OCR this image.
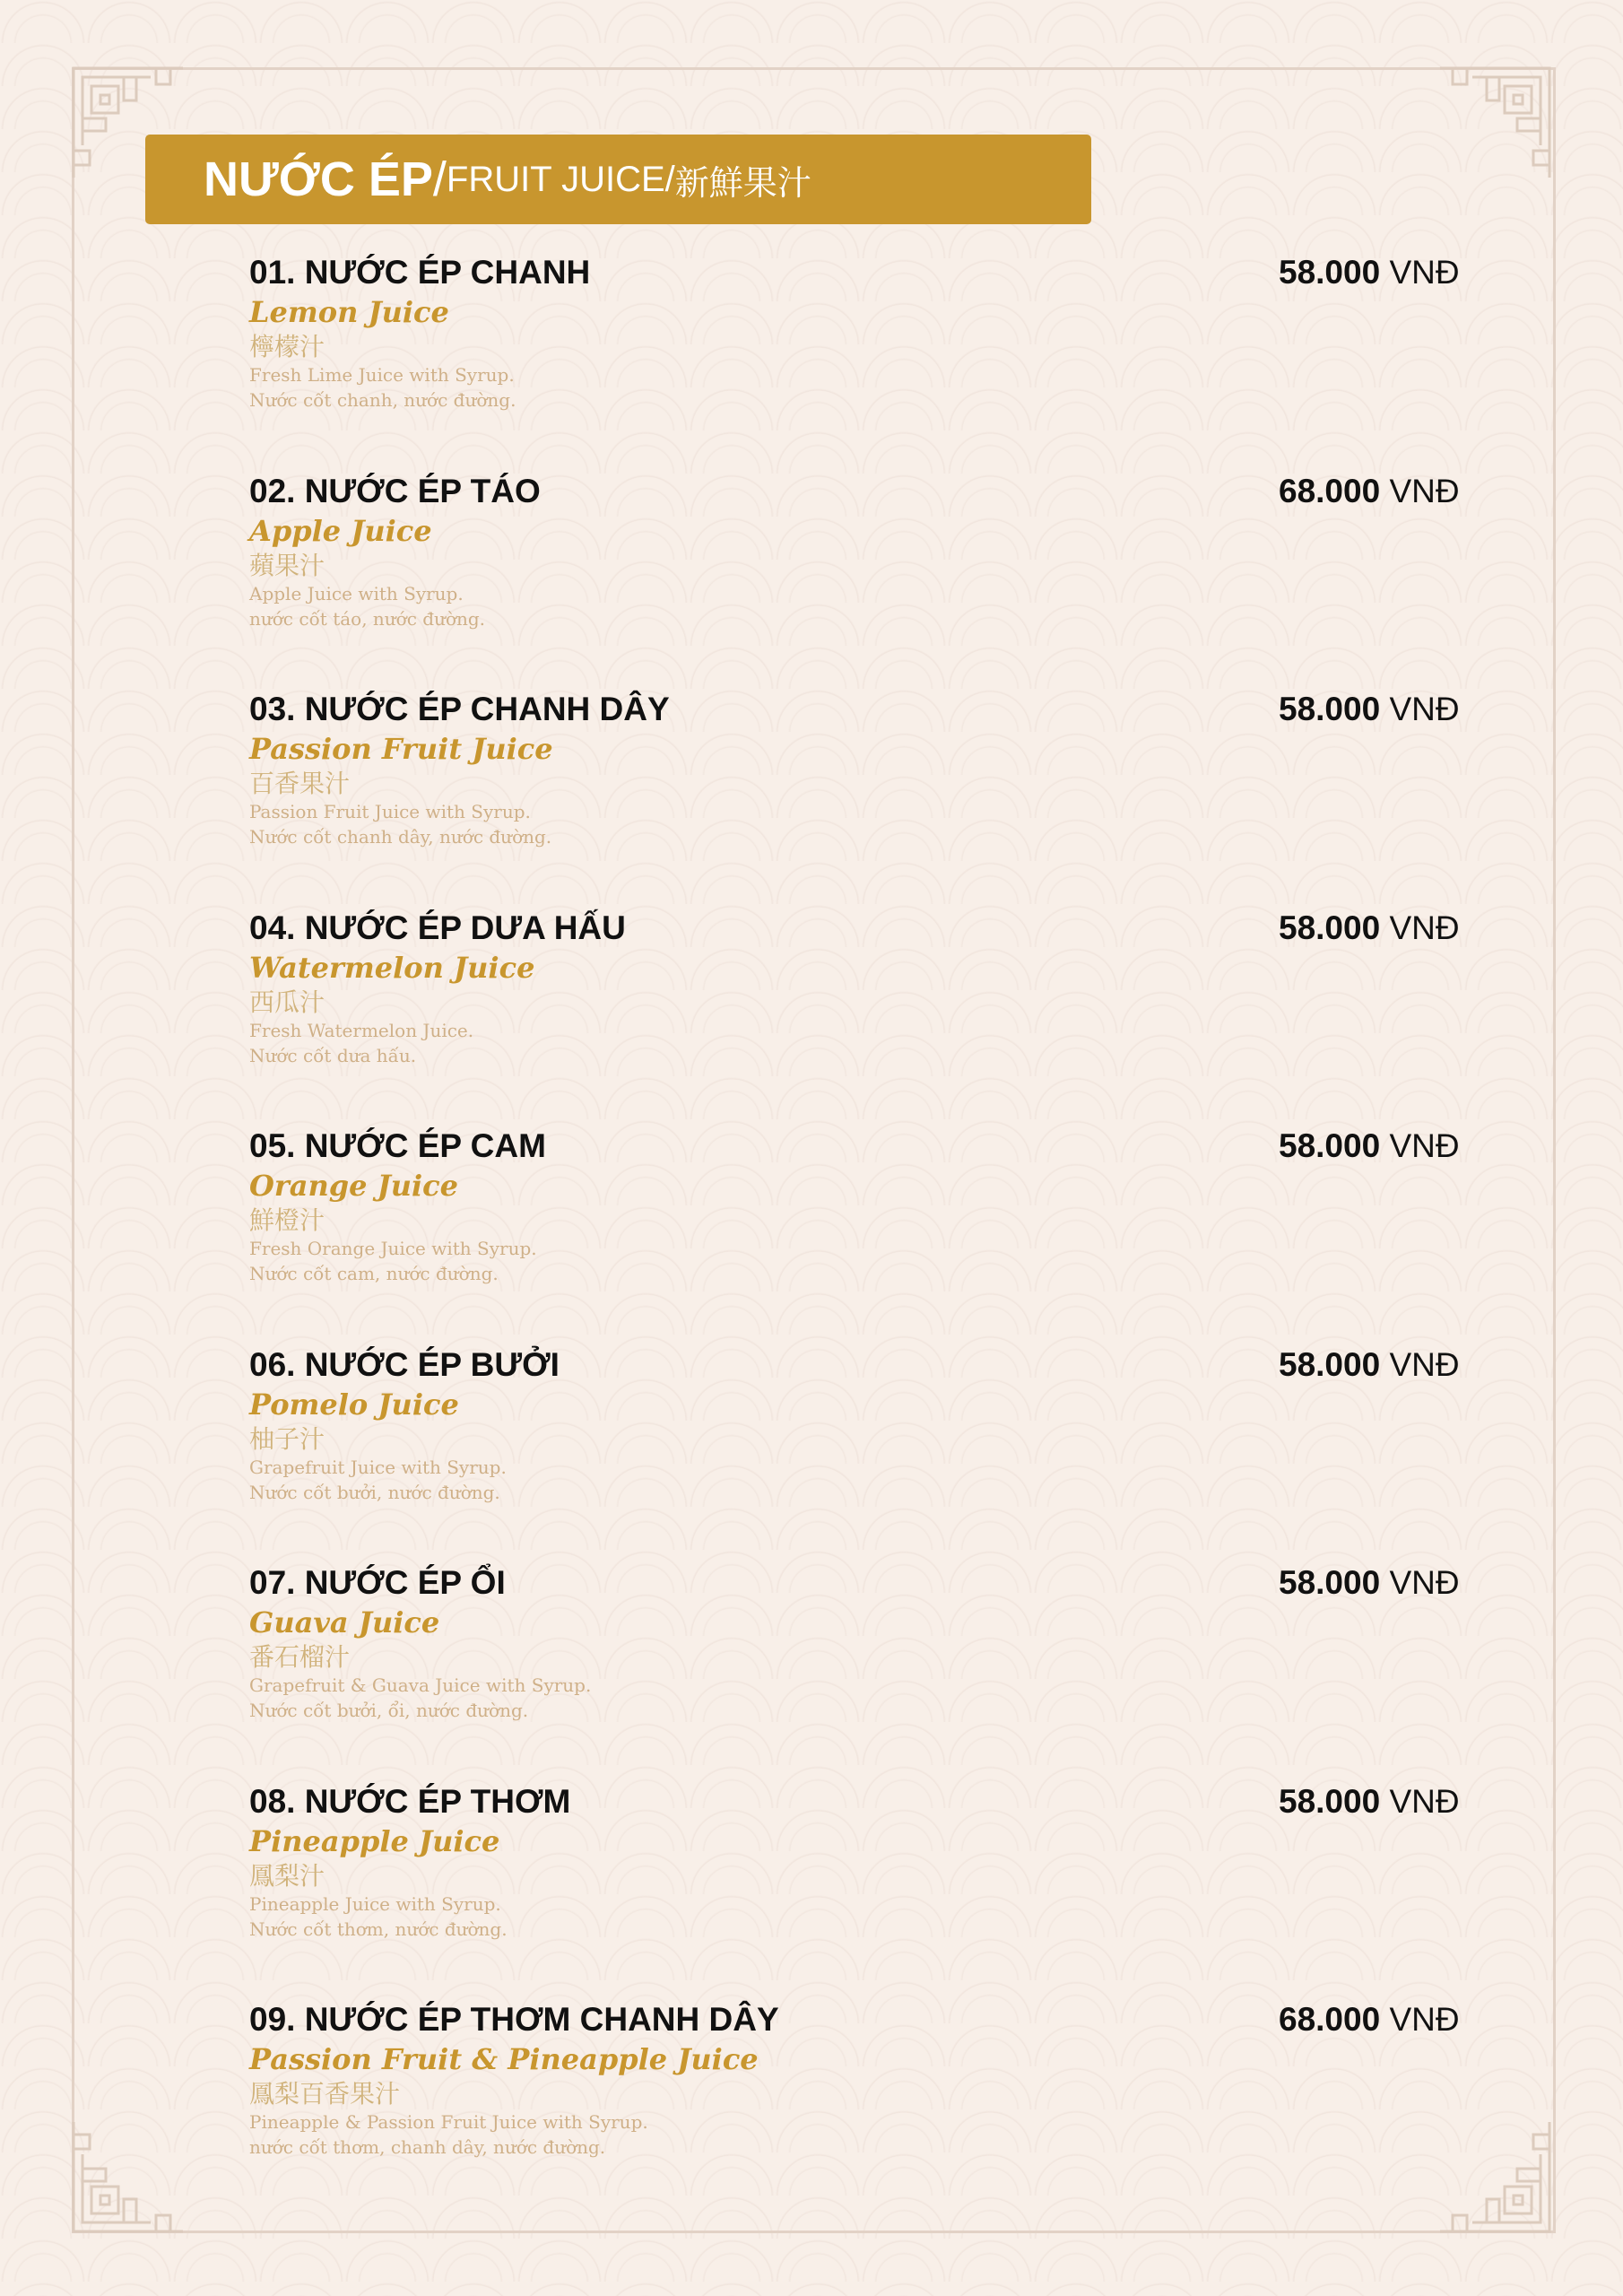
NƯỚC ÉP / FRUIT JUICE / 新鮮果汁
01. NƯỚC ÉP CHANH
Lemon Juice
檸檬汁
Fresh Lime Juice with Syrup.
Nước cốt chanh, nước đường.
58.000 VNĐ
02. NƯỚC ÉP TÁO
Apple Juice
蘋果汁
Apple Juice with Syrup.
nước cốt táo, nước đường.
68.000 VNĐ
03. NƯỚC ÉP CHANH DÂY
Passion Fruit Juice
百香果汁
Passion Fruit Juice with Syrup.
Nước cốt chanh dây, nước đường.
58.000 VNĐ
04. NƯỚC ÉP DƯA HẤU
Watermelon Juice
西瓜汁
Fresh Watermelon Juice.
Nước cốt dưa hấu.
58.000 VNĐ
05. NƯỚC ÉP CAM
Orange Juice
鮮橙汁
Fresh Orange Juice with Syrup.
Nước cốt cam, nước đường.
58.000 VNĐ
06. NƯỚC ÉP BƯỞI
Pomelo Juice
柚子汁
Grapefruit Juice with Syrup.
Nước cốt bưởi, nước đường.
58.000 VNĐ
07. NƯỚC ÉP ỔI
Guava Juice
番石榴汁
Grapefruit & Guava Juice with Syrup.
Nước cốt bưởi, ổi, nước đường.
58.000 VNĐ
08. NƯỚC ÉP THƠM
Pineapple Juice
鳳梨汁
Pineapple Juice with Syrup.
Nước cốt thơm, nước đường.
58.000 VNĐ
09. NƯỚC ÉP THƠM CHANH DÂY
Passion Fruit & Pineapple Juice
鳳梨百香果汁
Pineapple & Passion Fruit Juice with Syrup.
nước cốt thơm, chanh dây, nước đường.
68.000 VNĐ
